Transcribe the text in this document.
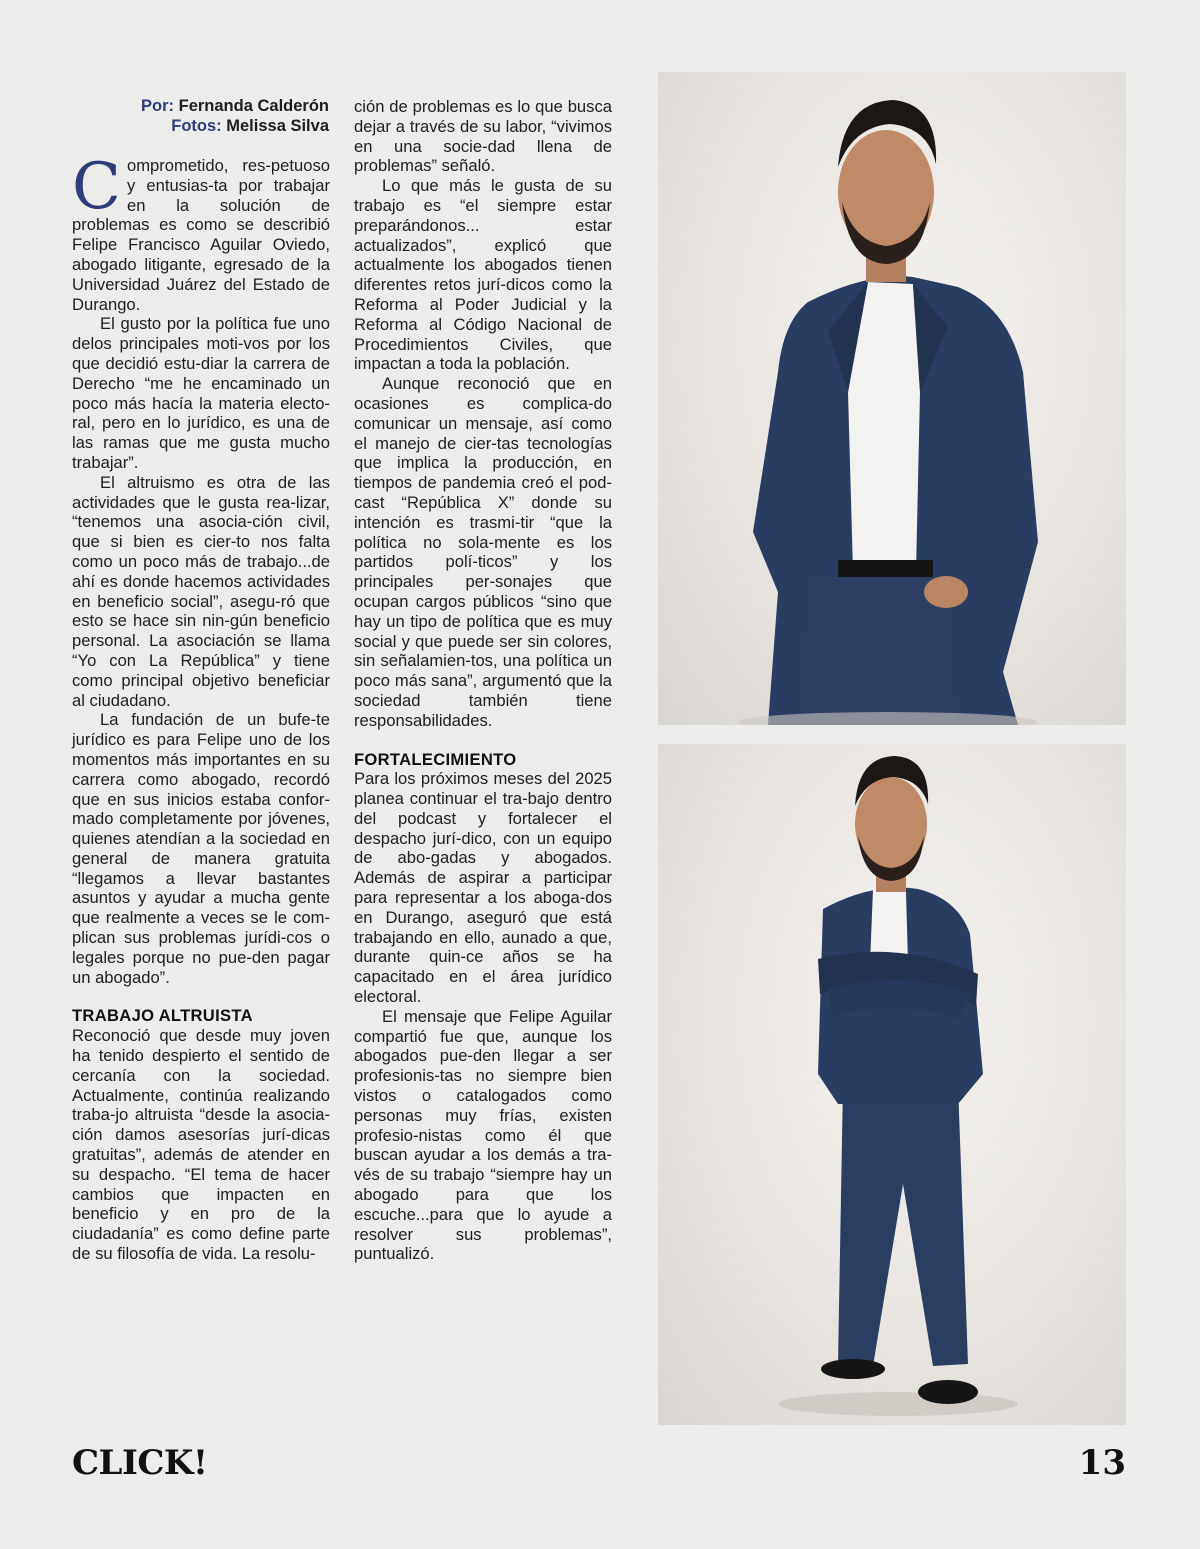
Por: Fernanda Calderón
Fotos: Melissa Silva

Comprometido, res-petuoso y entusias-ta por trabajar en la solución de problemas es como se describió Felipe Francisco Aguilar Oviedo, abogado litigante, egresado de la Universidad Juárez del Estado de Durango.

El gusto por la política fue uno delos principales moti-vos por los que decidió estu-diar la carrera de Derecho “me he encaminado un poco más hacía la materia electo-ral, pero en lo jurídico, es una de las ramas que me gusta mucho trabajar”.

El altruismo es otra de las actividades que le gusta rea-lizar, “tenemos una asocia-ción civil, que si bien es cier-to nos falta como un poco más de trabajo...de ahí es donde hacemos actividades en beneficio social”, asegu-ró que esto se hace sin nin-gún beneficio personal. La asociación se llama “Yo con La República” y tiene como principal objetivo beneficiar al ciudadano.

La fundación de un bufe-te jurídico es para Felipe uno de los momentos más importantes en su carrera como abogado, recordó que en sus inicios estaba confor-mado completamente por jóvenes, quienes atendían a la sociedad en general de manera gratuita “llegamos a llevar bastantes asuntos y ayudar a mucha gente que realmente a veces se le com-plican sus problemas jurídi-cos o legales porque no pue-den pagar un abogado”.

TRABAJO ALTRUISTA

Reconoció que desde muy joven ha tenido despierto el sentido de cercanía con la sociedad. Actualmente, continúa realizando traba-jo altruista “desde la asocia-ción damos asesorías jurí-dicas gratuitas”, además de atender en su despacho. “El tema de hacer cambios que impacten en beneficio y en pro de la ciudadanía” es como define parte de su filosofía de vida. La resolu-

ción de problemas es lo que busca dejar a través de su labor, “vivimos en una socie-dad llena de problemas” señaló.

Lo que más le gusta de su trabajo es “el siempre estar preparándonos... estar actualizados”, explicó que actualmente los abogados tienen diferentes retos jurí-dicos como la Reforma al Poder Judicial y la Reforma al Código Nacional de Procedimientos Civiles, que impactan a toda la población.

Aunque reconoció que en ocasiones es complica-do comunicar un mensaje, así como el manejo de cier-tas tecnologías que implica la producción, en tiempos de pandemia creó el pod-cast “República X” donde su intención es trasmi-tir “que la política no sola-mente es los partidos polí-ticos” y los principales per-sonajes que ocupan cargos públicos “sino que hay un tipo de política que es muy social y que puede ser sin colores, sin señalamien-tos, una política un poco más sana”, argumentó que la sociedad también tiene responsabilidades.

FORTALECIMIENTO

Para los próximos meses del 2025 planea continuar el tra-bajo dentro del podcast y fortalecer el despacho jurí-dico, con un equipo de abo-gadas y abogados. Además de aspirar a participar para representar a los aboga-dos en Durango, aseguró que está trabajando en ello, aunado a que, durante quin-ce años se ha capacitado en el área jurídico electoral.

El mensaje que Felipe Aguilar compartió fue que, aunque los abogados pue-den llegar a ser profesionis-tas no siempre bien vistos o catalogados como personas muy frías, existen profesio-nistas como él que buscan ayudar a los demás a tra-vés de su trabajo “siempre hay un abogado para que los escuche...para que lo ayude a resolver sus problemas”, puntualizó.

CLICK!	13
